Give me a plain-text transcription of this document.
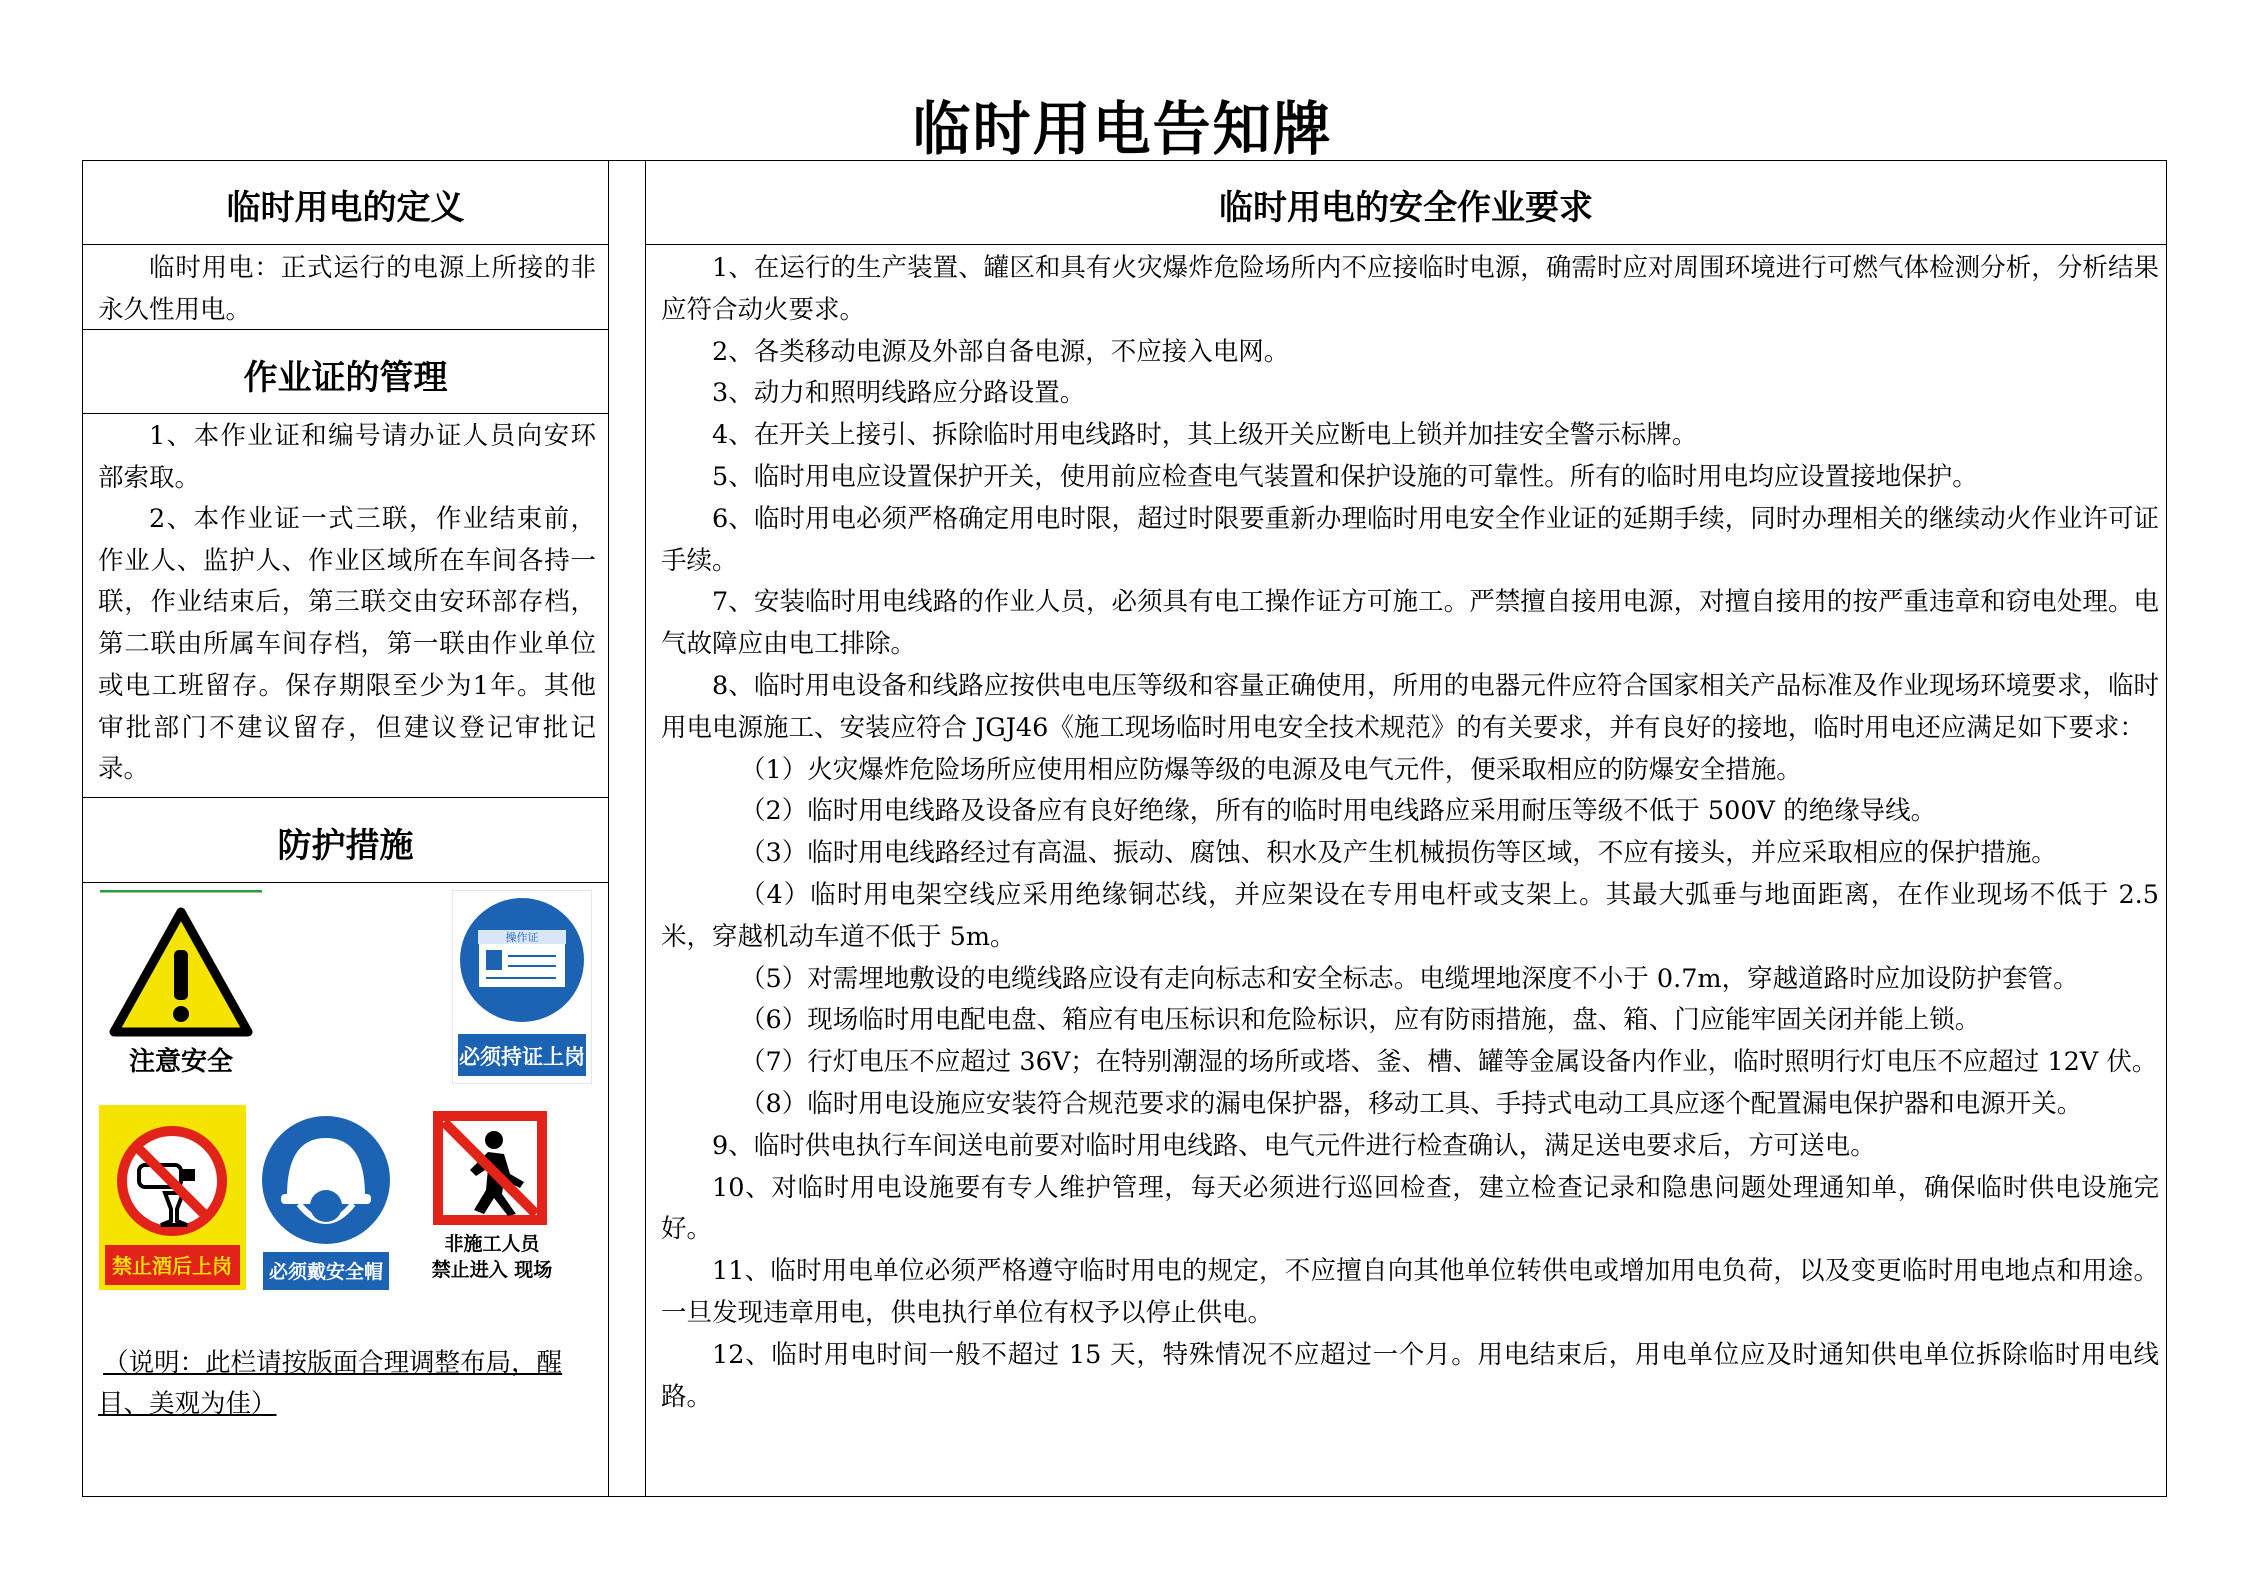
临时用电告知牌
临时用电的定义

临时用电：正式运行的电源上所接的非永久性用电。

作业证的管理

1、本作业证和编号请办证人员向安环部索取。

2、本作业证一式三联，作业结束前，作业人、监护人、作业区域所在车间各持一联，作业结束后，第三联交由安环部存档，第二联由所属车间存档，第一联由作业单位或电工班留存。保存期限至少为1年。其他审批部门不建议留存，但建议登记审批记录。

防护措施
注意安全
操作证
必须持证上岗
禁止酒后上岗 必须戴安全帽
非施工人员
禁止进入 现场
（说明：此栏请按版面合理调整布局，醒目、美观为佳）
临时用电的安全作业要求

1、在运行的生产装置、罐区和具有火灾爆炸危险场所内不应接临时电源，确需时应对周围环境进行可燃气体检测分析，分析结果应符合动火要求。

2、各类移动电源及外部自备电源，不应接入电网。

3、动力和照明线路应分路设置。

4、在开关上接引、拆除临时用电线路时，其上级开关应断电上锁并加挂安全警示标牌。

5、临时用电应设置保护开关，使用前应检查电气装置和保护设施的可靠性。所有的临时用电均应设置接地保护。

6、临时用电必须严格确定用电时限，超过时限要重新办理临时用电安全作业证的延期手续，同时办理相关的继续动火作业许可证手续。

7、安装临时用电线路的作业人员，必须具有电工操作证方可施工。严禁擅自接用电源，对擅自接用的按严重违章和窃电处理。电气故障应由电工排除。

8、临时用电设备和线路应按供电电压等级和容量正确使用，所用的电器元件应符合国家相关产品标准及作业现场环境要求，临时用电电源施工、安装应符合 JGJ46《施工现场临时用电安全技术规范》的有关要求，并有良好的接地，临时用电还应满足如下要求：

（1）火灾爆炸危险场所应使用相应防爆等级的电源及电气元件，便采取相应的防爆安全措施。

（2）临时用电线路及设备应有良好绝缘，所有的临时用电线路应采用耐压等级不低于 500V 的绝缘导线。

（3）临时用电线路经过有高温、振动、腐蚀、积水及产生机械损伤等区域，不应有接头，并应采取相应的保护措施。

（4）临时用电架空线应采用绝缘铜芯线，并应架设在专用电杆或支架上。其最大弧垂与地面距离，在作业现场不低于 2.5 米，穿越机动车道不低于 5m。

（5）对需埋地敷设的电缆线路应设有走向标志和安全标志。电缆埋地深度不小于 0.7m，穿越道路时应加设防护套管。

（6）现场临时用电配电盘、箱应有电压标识和危险标识，应有防雨措施，盘、箱、门应能牢固关闭并能上锁。

（7）行灯电压不应超过 36V；在特别潮湿的场所或塔、釜、槽、罐等金属设备内作业，临时照明行灯电压不应超过 12V 伏。

（8）临时用电设施应安装符合规范要求的漏电保护器，移动工具、手持式电动工具应逐个配置漏电保护器和电源开关。

9、临时供电执行车间送电前要对临时用电线路、电气元件进行检查确认，满足送电要求后，方可送电。

10、对临时用电设施要有专人维护管理，每天必须进行巡回检查，建立检查记录和隐患问题处理通知单，确保临时供电设施完好。

11、临时用电单位必须严格遵守临时用电的规定，不应擅自向其他单位转供电或增加用电负荷，以及变更临时用电地点和用途。一旦发现违章用电，供电执行单位有权予以停止供电。

12、临时用电时间一般不超过 15 天，特殊情况不应超过一个月。用电结束后，用电单位应及时通知供电单位拆除临时用电线路。
